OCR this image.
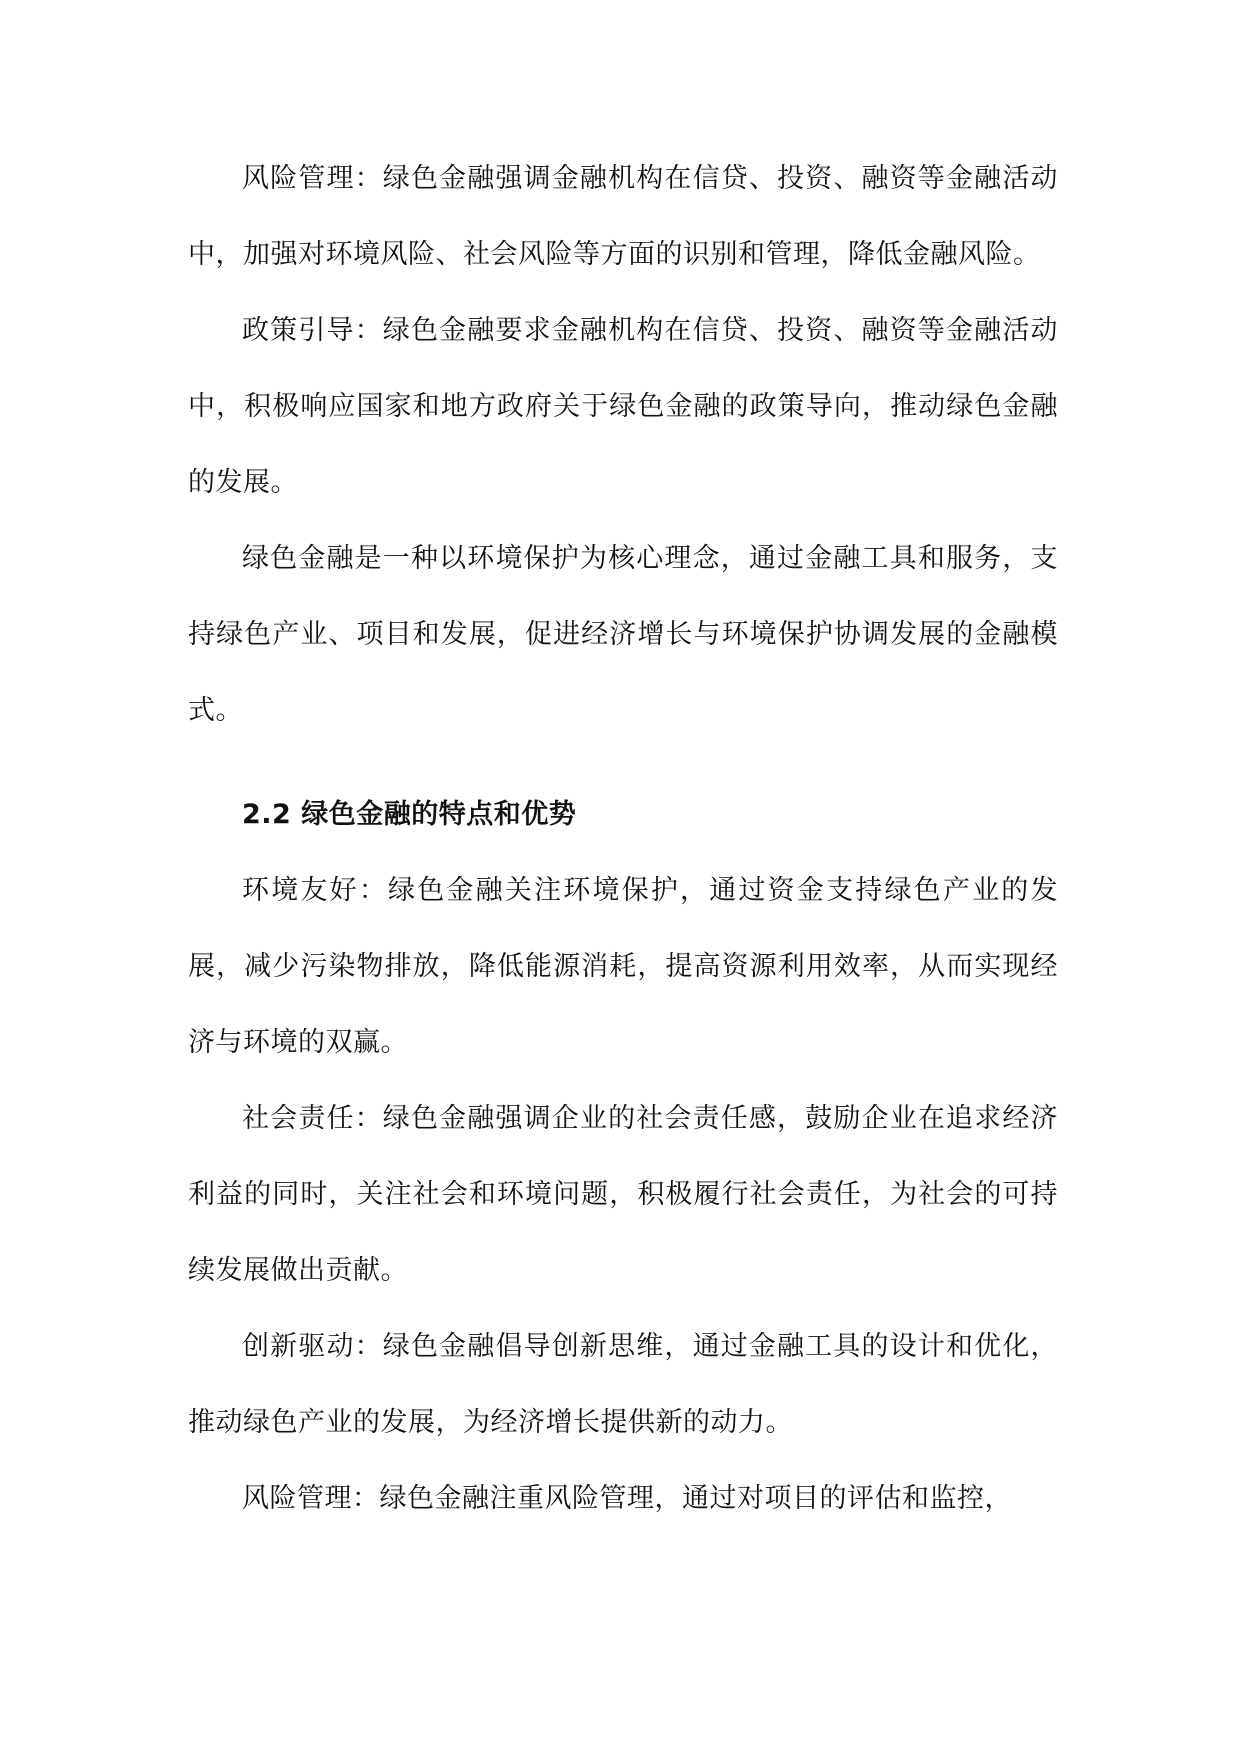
风险管理：绿色金融强调金融机构在信贷、投资、融资等金融活动中，加强对环境风险、社会风险等方面的识别和管理，降低金融风险。

政策引导：绿色金融要求金融机构在信贷、投资、融资等金融活动中，积极响应国家和地方政府关于绿色金融的政策导向，推动绿色金融的发展。

绿色金融是一种以环境保护为核心理念，通过金融工具和服务，支持绿色产业、项目和发展，促进经济增长与环境保护协调发展的金融模式。

2.2 绿色金融的特点和优势

环境友好：绿色金融关注环境保护，通过资金支持绿色产业的发展，减少污染物排放，降低能源消耗，提高资源利用效率，从而实现经济与环境的双赢。

社会责任：绿色金融强调企业的社会责任感，鼓励企业在追求经济利益的同时，关注社会和环境问题，积极履行社会责任，为社会的可持续发展做出贡献。

创新驱动：绿色金融倡导创新思维，通过金融工具的设计和优化，推动绿色产业的发展，为经济增长提供新的动力。

风险管理：绿色金融注重风险管理，通过对项目的评估和监控，
